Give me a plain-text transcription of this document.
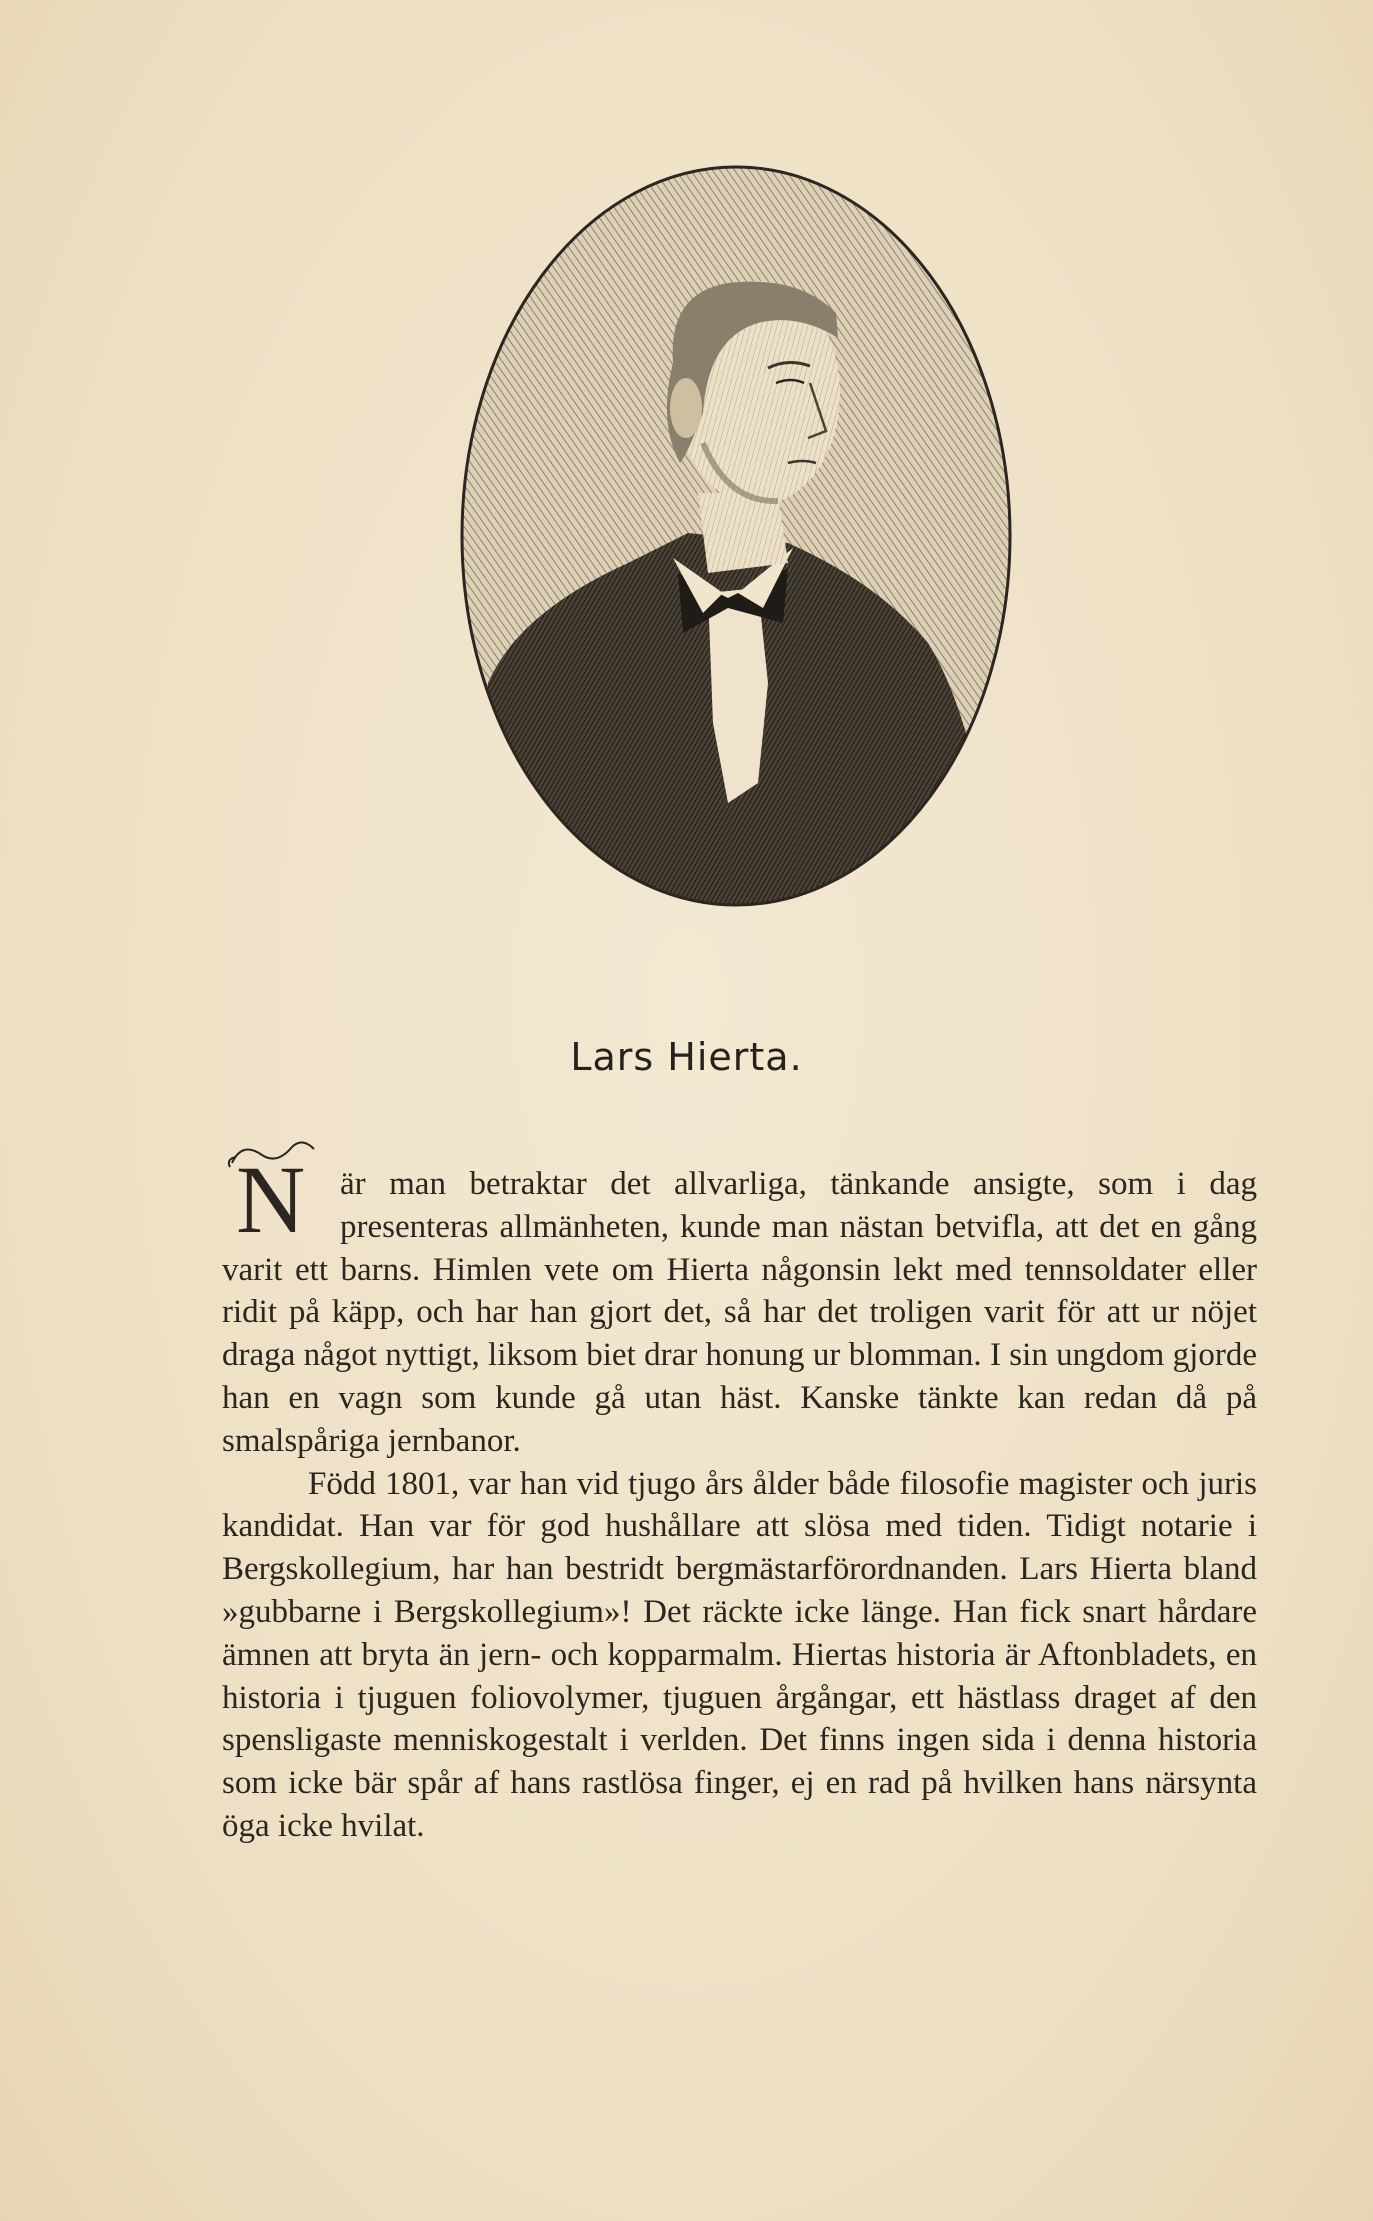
Lars Hierta.

N är man betraktar det allvarliga, tänkande ansigte, som i dag presenteras allmänheten, kunde man nästan betvifla, att det en gång varit ett barns. Himlen vete om Hierta någonsin lekt med tennsoldater eller ridit på käpp, och har han gjort det, så har det troligen varit för att ur nöjet draga något nyttigt, liksom biet drar honung ur blomman. I sin ungdom gjorde han en vagn som kunde gå utan häst. Kanske tänkte kan redan då på smalspåriga jernbanor.

Född 1801, var han vid tjugo års ålder både filosofie magister och juris kandidat. Han var för god hushållare att slösa med tiden. Tidigt notarie i Bergskollegium, har han bestridt bergmästarförordnanden. Lars Hierta bland »gubbarne i Bergskollegium»! Det räckte icke länge. Han fick snart hårdare ämnen att bryta än jern- och kopparmalm. Hiertas historia är Aftonbladets, en historia i tjuguen foliovolymer, tjuguen årgångar, ett hästlass draget af den spensligaste menniskogestalt i verlden. Det finns ingen sida i denna historia som icke bär spår af hans rastlösa finger, ej en rad på hvilken hans närsynta öga icke hvilat.
